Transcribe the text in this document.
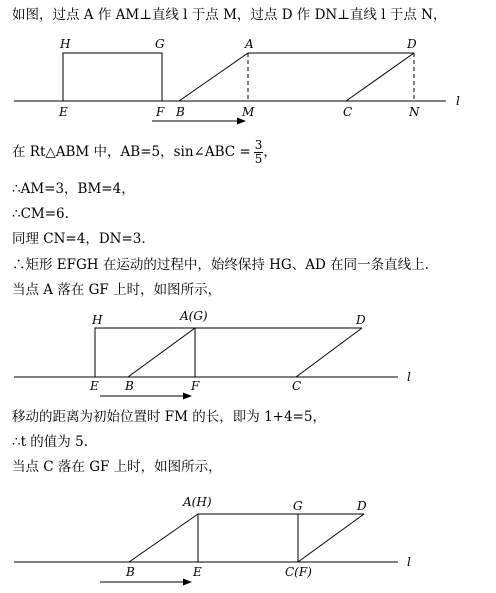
如图，过点 A 作 AM⊥直线 l 于点 M，过点 D 作 DN⊥直线 l 于点 N，
H	G	A	D
E	F B	M	C	N
l
在 Rt△ABM 中，AB=5，sin∠ABC = $\frac{3}{5}$ ，
∴AM=3，BM=4，
∴CM=6.
同理 CN=4，DN=3.
∴矩形 EFGH 在运动的过程中，始终保持 HG、AD 在同一条直线上.
当点 A 落在 GF 上时，如图所示，
H	A(G)	D
E B	F	C
l
移动的距离为初始位置时 FM 的长，即为 1+4=5，
∴t 的值为 5.
当点 C 落在 GF 上时，如图所示，
A(H)	G	D
B	E	C(F)
l
